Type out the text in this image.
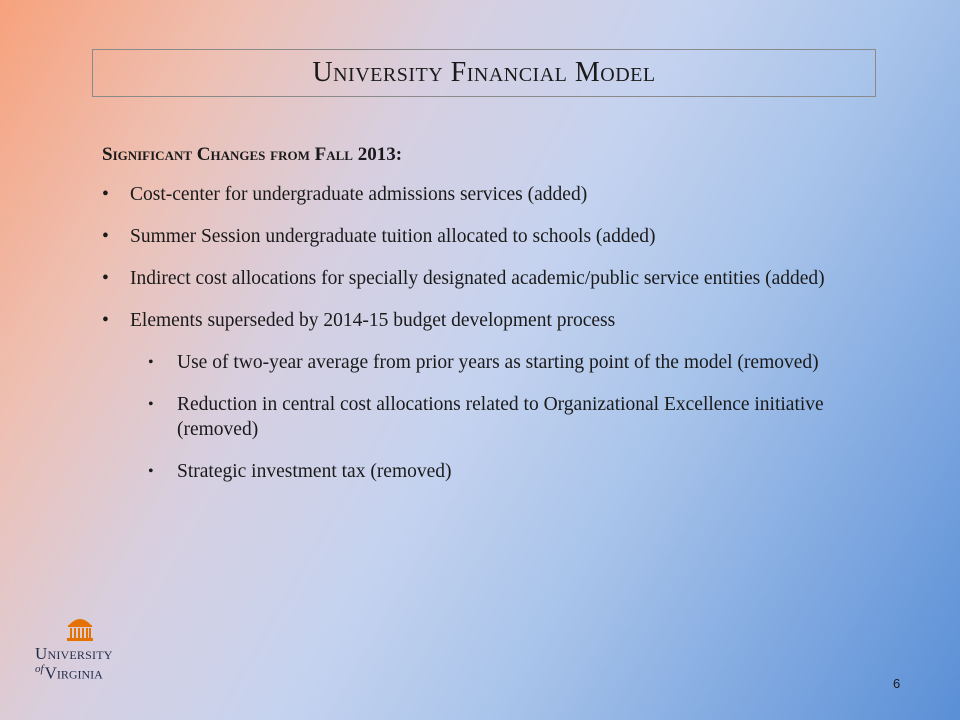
University Financial Model
Significant Changes from Fall 2013:
• Cost-center for undergraduate admissions services (added)
• Summer Session undergraduate tuition allocated to schools (added)
• Indirect cost allocations for specially designated academic/public service entities (added)
• Elements superseded by 2014-15 budget development process
• Use of two-year average from prior years as starting point of the model (removed)
• Reduction in central cost allocations related to Organizational Excellence initiative (removed)
• Strategic investment tax (removed)
University
$^{of}$Virginia
6
